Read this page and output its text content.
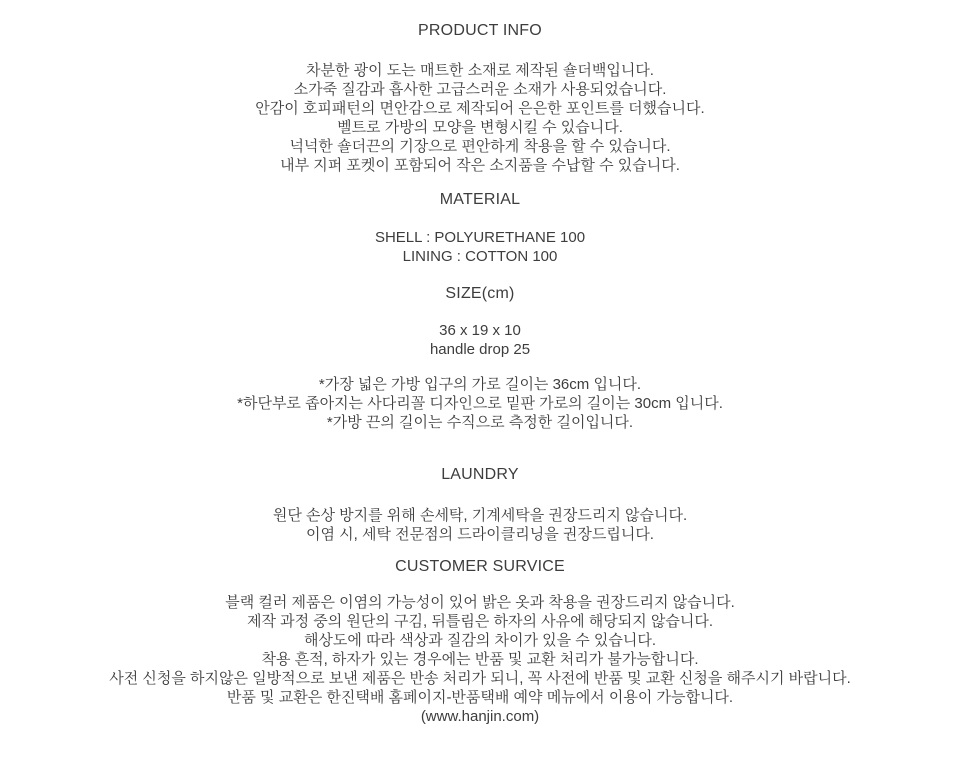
PRODUCT INFO
차분한 광이 도는 매트한 소재로 제작된 숄더백입니다.
소가죽 질감과 흡사한 고급스러운 소재가 사용되었습니다.
안감이 호피패턴의 면안감으로 제작되어 은은한 포인트를 더했습니다.
벨트로 가방의 모양을 변형시킬 수 있습니다.
넉넉한 숄더끈의 기장으로 편안하게 착용을 할 수 있습니다.
내부 지퍼 포켓이 포함되어 작은 소지품을 수납할 수 있습니다.
MATERIAL
SHELL : POLYURETHANE 100
LINING : COTTON 100
SIZE(cm)
36 x 19 x 10
handle drop 25
*가장 넓은 가방 입구의 가로 길이는 36cm 입니다.
*하단부로 좁아지는 사다리꼴 디자인으로 밑판 가로의 길이는 30cm 입니다.
*가방 끈의 길이는 수직으로 측정한 길이입니다.
LAUNDRY
원단 손상 방지를 위해 손세탁, 기계세탁을 권장드리지 않습니다.
이염 시, 세탁 전문점의 드라이클리닝을 권장드립니다.
CUSTOMER SURVICE
블랙 컬러 제품은 이염의 가능성이 있어 밝은 옷과 착용을 권장드리지 않습니다.
제작 과정 중의 원단의 구김, 뒤틀림은 하자의 사유에 해당되지 않습니다.
해상도에 따라 색상과 질감의 차이가 있을 수 있습니다.
착용 흔적, 하자가 있는 경우에는 반품 및 교환 처리가 불가능합니다.
사전 신청을 하지않은 일방적으로 보낸 제품은 반송 처리가 되니, 꼭 사전에 반품 및 교환 신청을 해주시기 바랍니다.
반품 및 교환은 한진택배 홈페이지-반품택배 예약 메뉴에서 이용이 가능합니다.
(www.hanjin.com)
